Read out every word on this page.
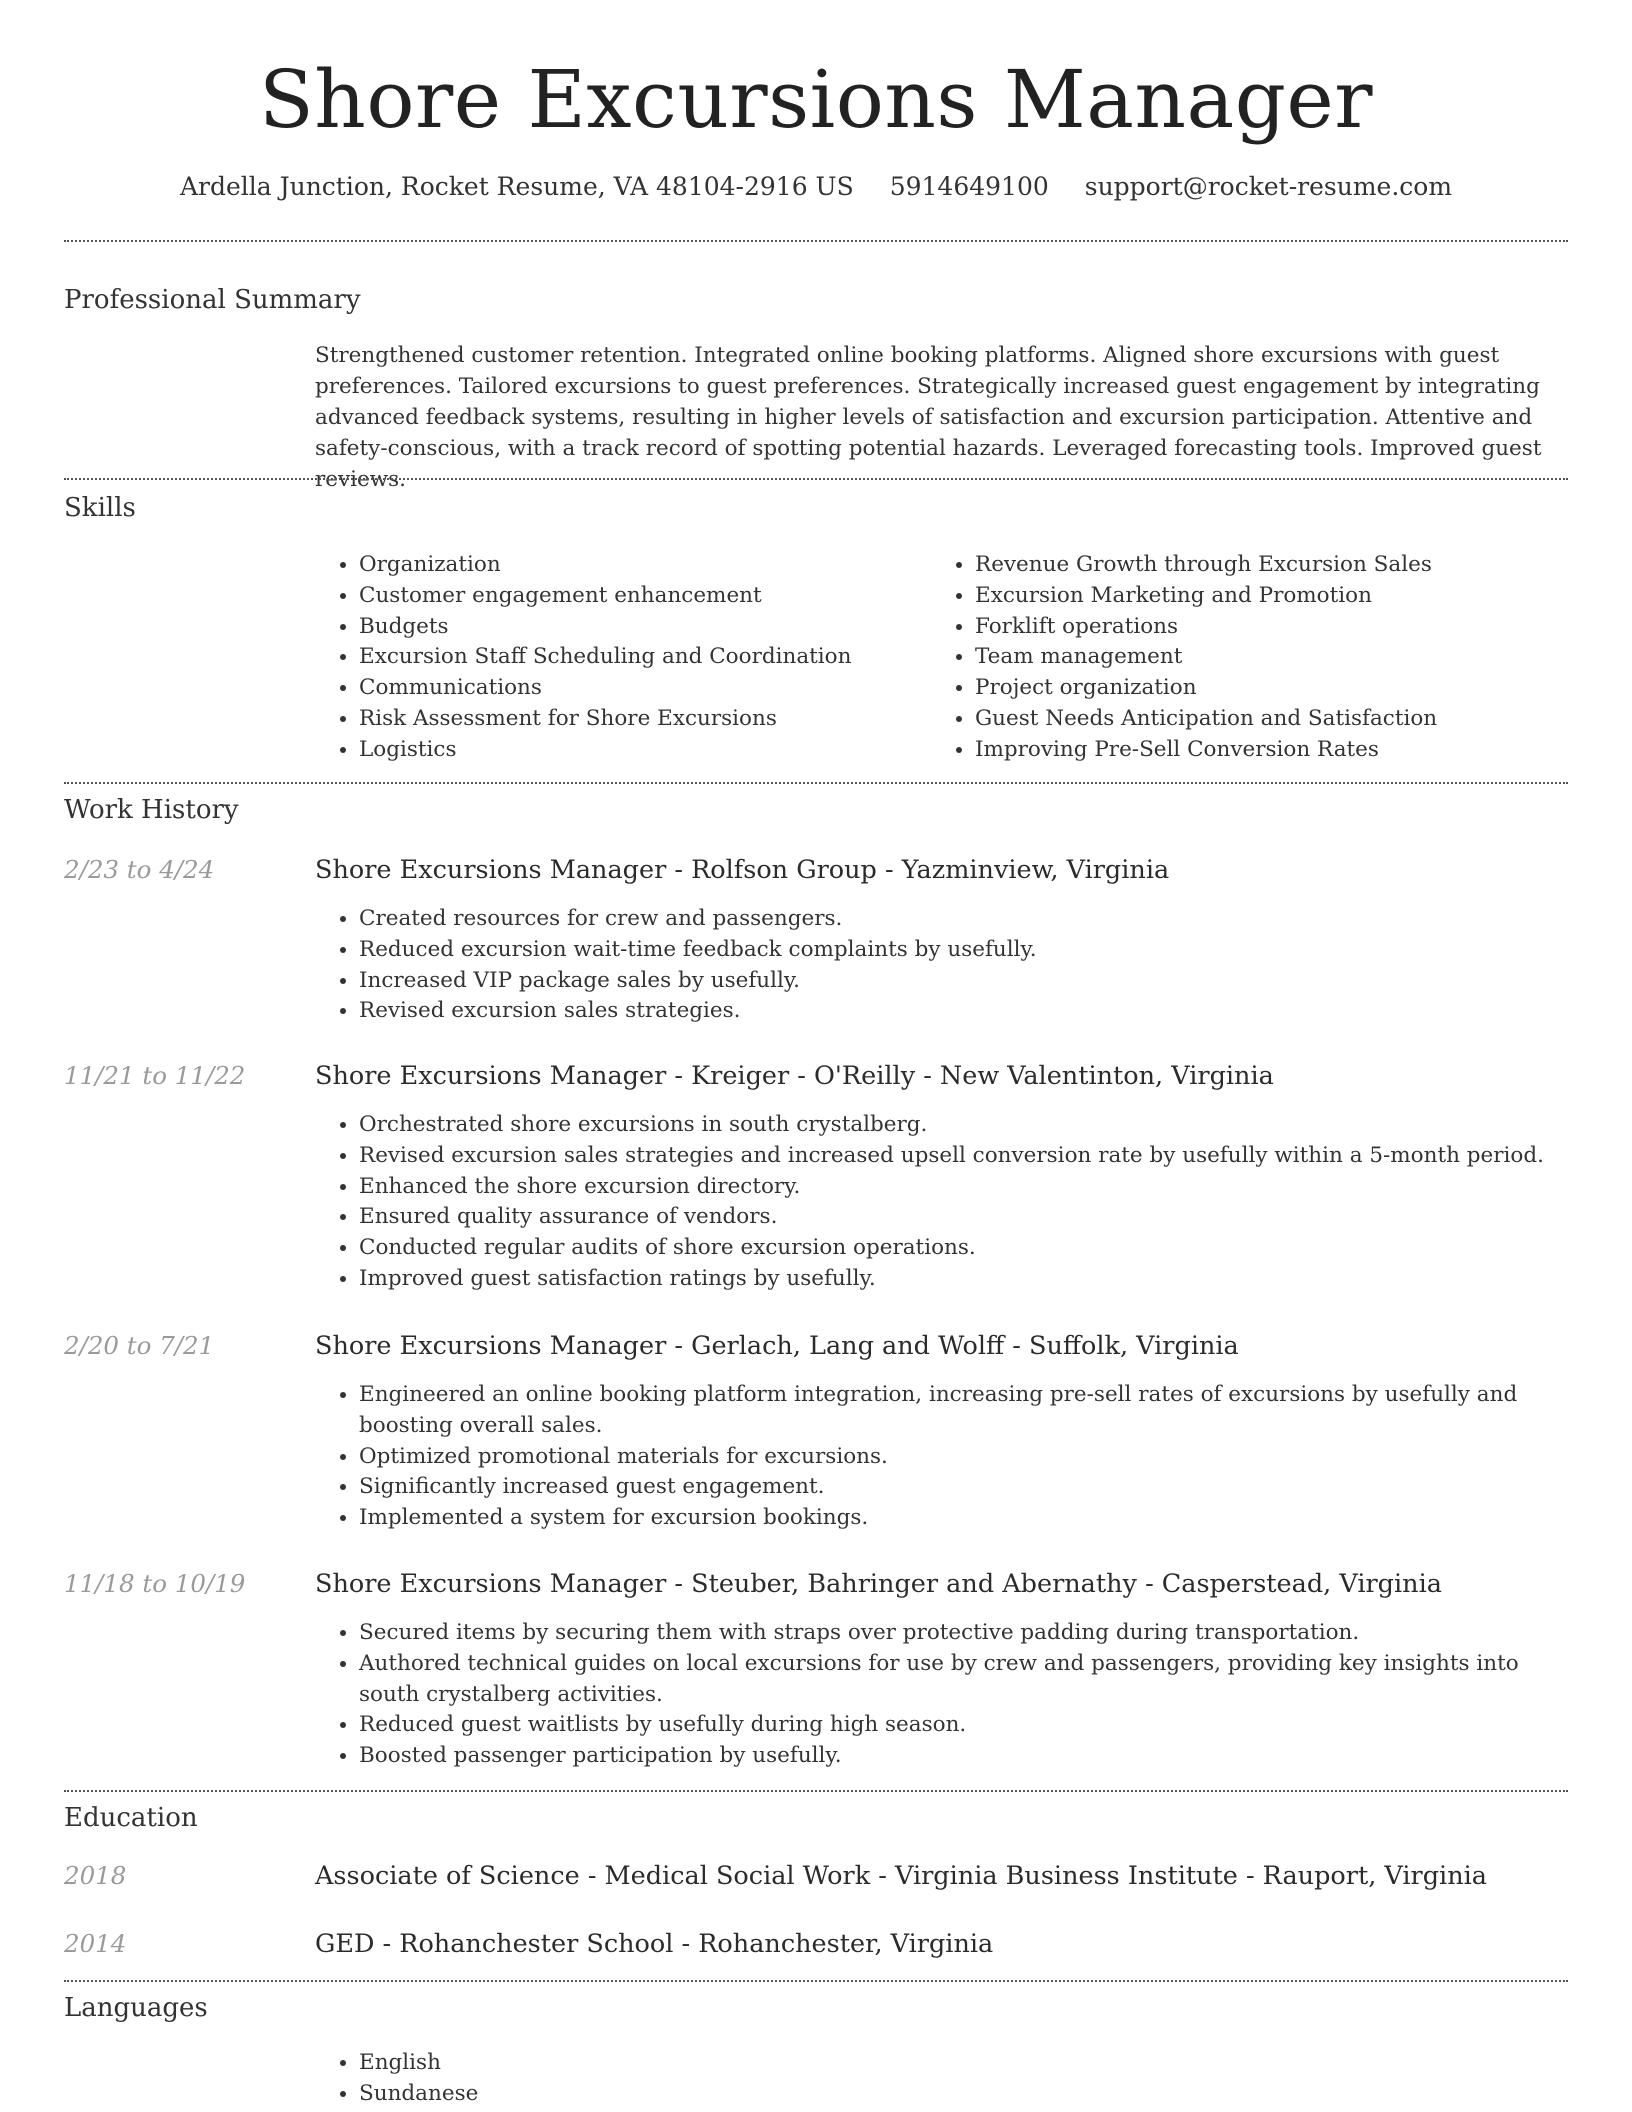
Shore Excursions Manager
Ardella Junction, Rocket Resume, VA 48104-2916 US 5914649100 support@rocket-resume.com
Professional Summary
Strengthened customer retention. Integrated online booking platforms. Aligned shore excursions with guest preferences. Tailored excursions to guest preferences. Strategically increased guest engagement by integrating advanced feedback systems, resulting in higher levels of satisfaction and excursion participation. Attentive and safety-conscious, with a track record of spotting potential hazards. Leveraged forecasting tools. Improved guest reviews.
Skills
• Organization
• Customer engagement enhancement
• Budgets
• Excursion Staff Scheduling and Coordination
• Communications
• Risk Assessment for Shore Excursions
• Logistics
• Revenue Growth through Excursion Sales
• Excursion Marketing and Promotion
• Forklift operations
• Team management
• Project organization
• Guest Needs Anticipation and Satisfaction
• Improving Pre-Sell Conversion Rates
Work History
2/23 to 4/24	Shore Excursions Manager - Rolfson Group - Yazminview, Virginia
• Created resources for crew and passengers.
• Reduced excursion wait-time feedback complaints by usefully.
• Increased VIP package sales by usefully.
• Revised excursion sales strategies.
11/21 to 11/22	Shore Excursions Manager - Kreiger - O'Reilly - New Valentinton, Virginia
• Orchestrated shore excursions in south crystalberg.
• Revised excursion sales strategies and increased upsell conversion rate by usefully within a 5-month period.
• Enhanced the shore excursion directory.
• Ensured quality assurance of vendors.
• Conducted regular audits of shore excursion operations.
• Improved guest satisfaction ratings by usefully.
2/20 to 7/21	Shore Excursions Manager - Gerlach, Lang and Wolff - Suffolk, Virginia
• Engineered an online booking platform integration, increasing pre-sell rates of excursions by usefully and boosting overall sales.
• Optimized promotional materials for excursions.
• Significantly increased guest engagement.
• Implemented a system for excursion bookings.
11/18 to 10/19	Shore Excursions Manager - Steuber, Bahringer and Abernathy - Casperstead, Virginia
• Secured items by securing them with straps over protective padding during transportation.
• Authored technical guides on local excursions for use by crew and passengers, providing key insights into south crystalberg activities.
• Reduced guest waitlists by usefully during high season.
• Boosted passenger participation by usefully.
Education
2018	Associate of Science - Medical Social Work - Virginia Business Institute - Rauport, Virginia
2014	GED - Rohanchester School - Rohanchester, Virginia
Languages
• English
• Sundanese
